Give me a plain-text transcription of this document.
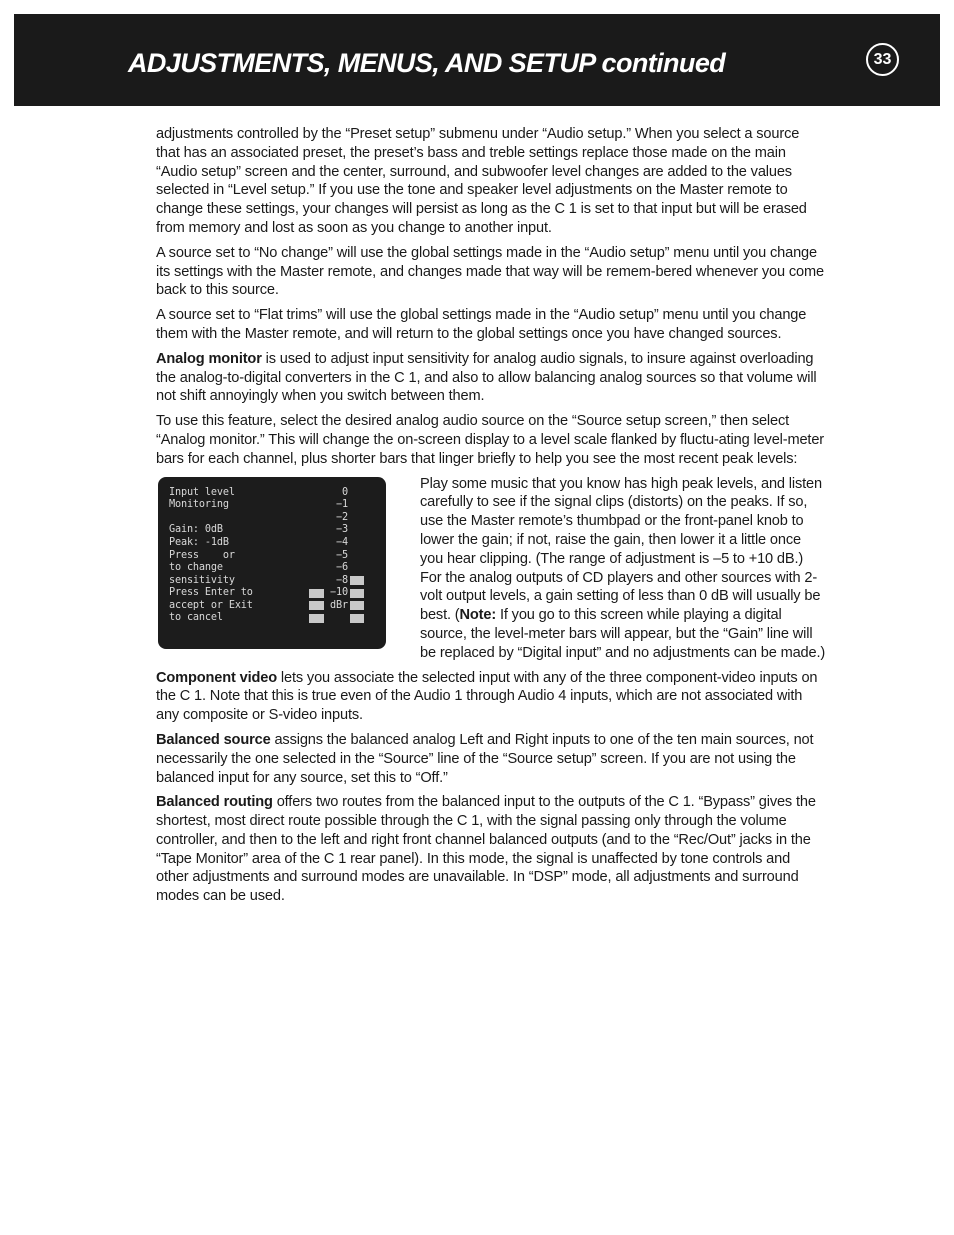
ADJUSTMENTS, MENUS, AND SETUP continued	33

adjustments controlled by the “Preset setup” submenu under “Audio setup.” When you select a source that has an associated preset, the preset’s bass and treble settings replace those made on the main “Audio setup” screen and the center, surround, and subwoofer level changes are added to the values selected in “Level setup.” If you use the tone and speaker level adjustments on the Master remote to change these settings, your changes will persist as long as the C 1 is set to that input but will be erased from memory and lost as soon as you change to another input.

A source set to “No change” will use the global settings made in the “Audio setup” menu until you change its settings with the Master remote, and changes made that way will be remem-bered whenever you come back to this source.

A source set to “Flat trims” will use the global settings made in the “Audio setup” menu until you change them with the Master remote, and will return to the global settings once you have changed sources.

Analog monitor is used to adjust input sensitivity for analog audio signals, to insure against overloading the analog-to-digital converters in the C 1, and also to allow balancing analog sources so that volume will not shift annoyingly when you switch between them.

To use this feature, select the desired analog audio source on the “Source setup screen,” then select “Analog monitor.” This will change the on-screen display to a level scale flanked by fluctu-ating level-meter bars for each channel, plus shorter bars that linger briefly to help you see the most recent peak levels:

Input level
Monitoring
Gain: 0dB
Peak: -1dB
Press    or
to change
sensitivity
Press Enter to
accept or Exit
to cancel
0
−1
−2
−3
−4
−5
−6
−8
−10
dBr

Play some music that you know has high peak levels, and listen carefully to see if the signal clips (distorts) on the peaks. If so, use the Master remote’s thumbpad or the front-panel knob to lower the gain; if not, raise the gain, then lower it a little once you hear clipping. (The range of adjustment is –5 to +10 dB.) For the analog outputs of CD players and other sources with 2-volt output levels, a gain setting of less than 0 dB will usually be best. (Note: If you go to this screen while playing a digital source, the level-meter bars will appear, but the “Gain” line will be replaced by “Digital input” and no adjustments can be made.)

Component video lets you associate the selected input with any of the three component-video inputs on the C 1. Note that this is true even of the Audio 1 through Audio 4 inputs, which are not associated with any composite or S-video inputs.

Balanced source assigns the balanced analog Left and Right inputs to one of the ten main sources, not necessarily the one selected in the “Source” line of the “Source setup” screen. If you are not using the balanced input for any source, set this to “Off.”

Balanced routing offers two routes from the balanced input to the outputs of the C 1. “Bypass” gives the shortest, most direct route possible through the C 1, with the signal passing only through the volume controller, and then to the left and right front channel balanced outputs (and to the “Rec/Out” jacks in the “Tape Monitor” area of the C 1 rear panel). In this mode, the signal is unaffected by tone controls and other adjustments and surround modes are unavailable. In “DSP” mode, all adjustments and surround modes can be used.
